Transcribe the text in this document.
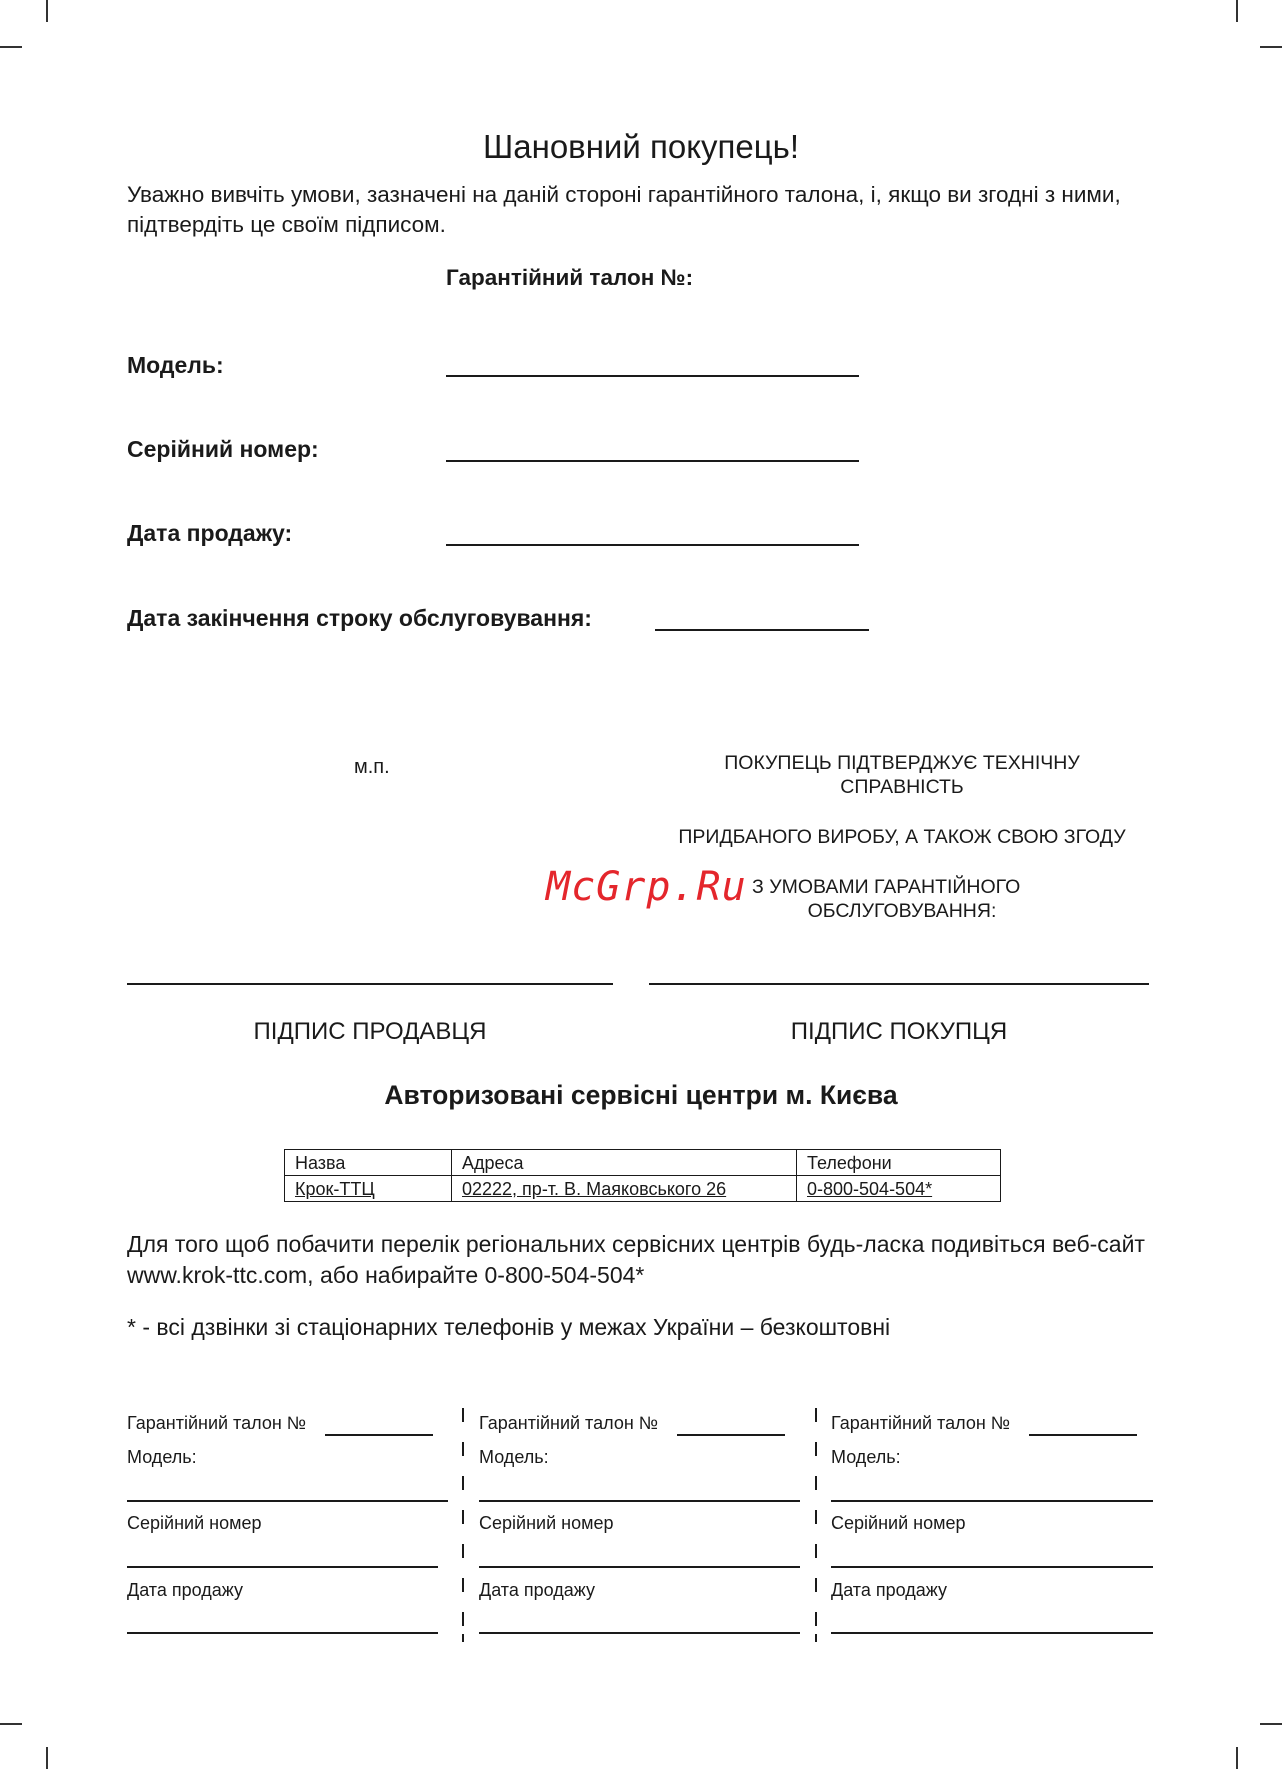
Шановний покупець!
Уважно вивчіть умови, зазначені на даній стороні гарантійного талона, і, якщо ви згодні з ними, підтвердіть це своїм підписом.
Гарантійний талон №:
Модель:
Серійний номер:
Дата продажу:
Дата закінчення строку обслуговування:
м.п.	ПОКУПЕЦЬ ПІДТВЕРДЖУЄ ТЕХНІЧНУ
СПРАВНІСТЬ
ПРИДБАНОГО ВИРОБУ, А ТАКОЖ СВОЮ ЗГОДУ
З УМОВАМИ ГАРАНТІЙНОГО
ОБСЛУГОВУВАННЯ:
McGrp.Ru
ПІДПИС ПРОДАВЦЯ	ПІДПИС ПОКУПЦЯ
Авторизовані сервісні центри м. Києва
Назва	Адреса	Телефони
Крок-ТТЦ	02222, пр-т. В. Маяковського 26	0-800-504-504*
Для того щоб побачити перелік регіональних сервісних центрів будь-ласка подивіться веб-сайт www.krok-ttc.com, або набирайте 0-800-504-504*
* - всі дзвінки зі стаціонарних телефонів у межах України – безкоштовні
Гарантійний талон №
Модель:
Серійний номер
Дата продажу
Гарантійний талон №
Модель:
Серійний номер
Дата продажу
Гарантійний талон №
Модель:
Серійний номер
Дата продажу
